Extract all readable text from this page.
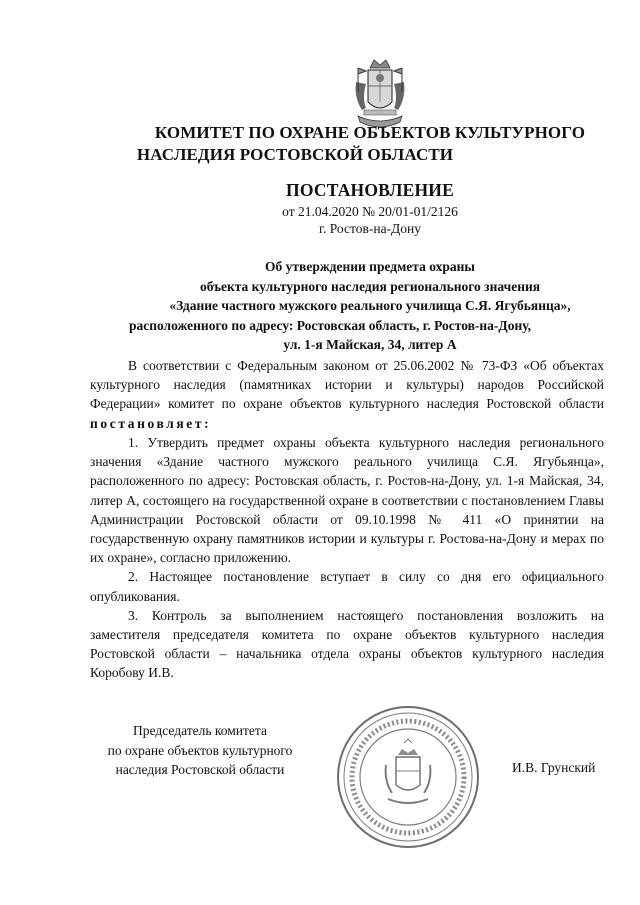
КОМИТЕТ ПО ОХРАНЕ ОБЪЕКТОВ КУЛЬТУРНОГО
НАСЛЕДИЯ РОСТОВСКОЙ ОБЛАСТИ
ПОСТАНОВЛЕНИЕ
от 21.04.2020 № 20/01-01/2126
г. Ростов-на-Дону
Об утверждении предмета охраны
объекта культурного наследия регионального значения
«Здание частного мужского реального училища С.Я. Ягубьянца»,
расположенного по адресу: Ростовская область, г. Ростов-на-Дону,
ул. 1-я Майская, 34, литер А

В соответствии с Федеральным законом от 25.06.2002 № 73-ФЗ «Об объектах культурного наследия (памятниках истории и культуры) народов Российской Федерации» комитет по охране объектов культурного наследия Ростовской области постановляет:

1. Утвердить предмет охраны объекта культурного наследия регионального значения «Здание частного мужского реального училища С.Я. Ягубьянца», расположенного по адресу: Ростовская область, г. Ростов-на-Дону, ул. 1-я Майская, 34, литер А, состоящего на государственной охране в соответствии с постановлением Главы Администрации Ростовской области от 09.10.1998 № 411 «О принятии на государственную охрану памятников истории и культуры г. Ростова-на-Дону и мерах по их охране», согласно приложению.

2. Настоящее постановление вступает в силу со дня его официального опубликования.

3. Контроль за выполнением настоящего постановления возложить на заместителя председателя комитета по охране объектов культурного наследия Ростовской области – начальника отдела охраны объектов культурного наследия Коробову И.В.

Председатель комитета
по охране объектов культурного
наследия Ростовской области	И.В. Грунский
